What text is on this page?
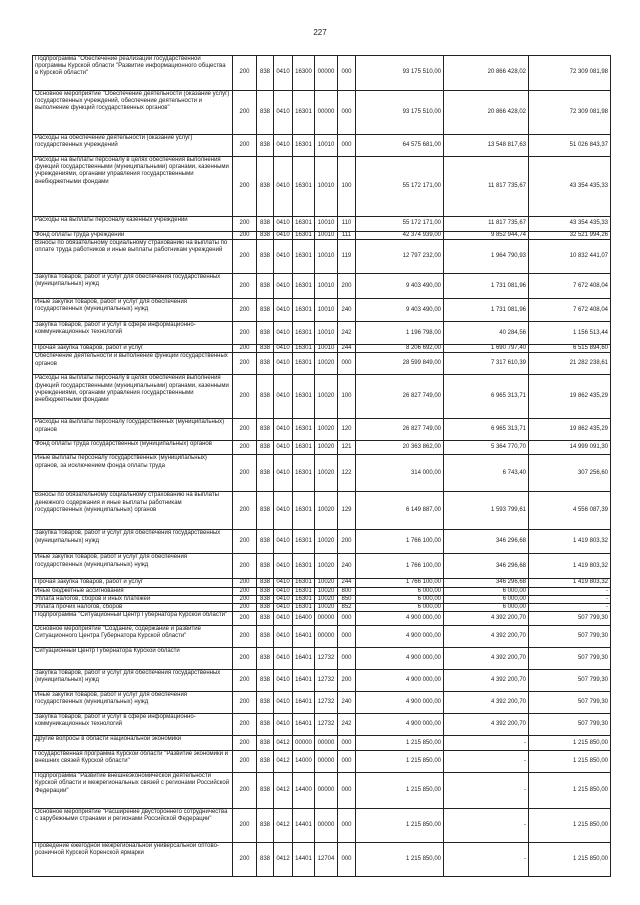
227
Подпрограмма "Обеспечение реализации государственной программы Курской области "Развитие информационного общества в Курской области"	200	838	0410	16300	00000	000	93 175 510,00	20 866 428,02	72 309 081,98
Основное мероприятие "Обеспечение деятельности (оказание услуг) государственных учреждений, обеспечение деятельности и выполнение функций государственных органов"	200	838	0410	16301	00000	000	93 175 510,00	20 866 428,02	72 309 081,98
Расходы на обеспечение деятельности (оказание услуг) государственных учреждений	200	838	0410	16301	10010	000	64 575 681,00	13 548 817,63	51 026 843,37
Расходы на выплаты персоналу в целях обеспечения выполнения функций государственными (муниципальными) органами, казенными учреждениями, органами управления государственными внебюджетными фондами	200	838	0410	16301	10010	100	55 172 171,00	11 817 735,67	43 354 435,33
Расходы на выплаты персоналу казенных учреждений	200	838	0410	16301	10010	110	55 172 171,00	11 817 735,67	43 354 435,33
Фонд оплаты труда учреждений	200	838	0410	16301	10010	111	42 374 939,00	9 852 944,74	32 521 994,26
Взносы по обязательному социальному страхованию на выплаты по оплате труда работников и иные выплаты работникам учреждений	200	838	0410	16301	10010	119	12 797 232,00	1 964 790,93	10 832 441,07
Закупка товаров, работ и услуг для обеспечения государственных (муниципальных) нужд	200	838	0410	16301	10010	200	9 403 490,00	1 731 081,96	7 672 408,04
Иные закупки товаров, работ и услуг для обеспечения государственных (муниципальных) нужд	200	838	0410	16301	10010	240	9 403 490,00	1 731 081,96	7 672 408,04
Закупка товаров, работ и услуг в сфере информационно-коммуникационных технологий	200	838	0410	16301	10010	242	1 196 798,00	40 284,56	1 156 513,44
Прочая закупка товаров, работ и услуг	200	838	0410	16301	10010	244	8 206 692,00	1 690 797,40	6 515 894,60
Обеспечение деятельности и выполнение функций государственных органов	200	838	0410	16301	10020	000	28 599 849,00	7 317 610,39	21 282 238,61
Расходы на выплаты персоналу в целях обеспечения выполнения функций государственными (муниципальными) органами, казенными учреждениями, органами управления государственными внебюджетными фондами	200	838	0410	16301	10020	100	26 827 749,00	6 965 313,71	19 862 435,29
Расходы на выплаты персоналу государственных (муниципальных) органов	200	838	0410	16301	10020	120	26 827 749,00	6 965 313,71	19 862 435,29
Фонд оплаты труда государственных (муниципальных) органов	200	838	0410	16301	10020	121	20 363 862,00	5 364 770,70	14 999 091,30
Иные выплаты персоналу государственных (муниципальных) органов, за исключением фонда оплаты труда	200	838	0410	16301	10020	122	314 000,00	6 743,40	307 256,60
Взносы по обязательному социальному страхованию на выплаты денежного содержания и иные выплаты работникам государственных (муниципальных) органов	200	838	0410	16301	10020	129	6 149 887,00	1 593 799,61	4 556 087,39
Закупка товаров, работ и услуг для обеспечения государственных (муниципальных) нужд	200	838	0410	16301	10020	200	1 766 100,00	346 296,68	1 419 803,32
Иные закупки товаров, работ и услуг для обеспечения государственных (муниципальных) нужд	200	838	0410	16301	10020	240	1 766 100,00	346 296,68	1 419 803,32
Прочая закупка товаров, работ и услуг	200	838	0410	16301	10020	244	1 766 100,00	346 296,68	1 419 803,32
Иные бюджетные ассигнования	200	838	0410	16301	10020	800	6 000,00	6 000,00	-
Уплата налогов, сборов и иных платежей	200	838	0410	16301	10020	850	6 000,00	6 000,00	-
Уплата прочих налогов, сборов	200	838	0410	16301	10020	852	6 000,00	6 000,00	-
Подпрограмма "Ситуационный Центр Губернатора Курской области"	200	838	0410	16400	00000	000	4 900 000,00	4 392 200,70	507 799,30
Основное мероприятие "Создание, содержание и развитие Ситуационного Центра Губернатора Курской области"	200	838	0410	16401	00000	000	4 900 000,00	4 392 200,70	507 799,30
Ситуационный Центр Губернатора Курской области	200	838	0410	16401	12732	000	4 900 000,00	4 392 200,70	507 799,30
Закупка товаров, работ и услуг для обеспечения государственных (муниципальных) нужд	200	838	0410	16401	12732	200	4 900 000,00	4 392 200,70	507 799,30
Иные закупки товаров, работ и услуг для обеспечения государственных (муниципальных) нужд	200	838	0410	16401	12732	240	4 900 000,00	4 392 200,70	507 799,30
Закупка товаров, работ и услуг в сфере информационно-коммуникационных технологий	200	838	0410	16401	12732	242	4 900 000,00	4 392 200,70	507 799,30
Другие вопросы в области национальной экономики	200	838	0412	00000	00000	000	1 215 850,00	-	1 215 850,00
Государственная программа Курской области "Развитие экономики и внешних связей Курской области"	200	838	0412	14000	00000	000	1 215 850,00	-	1 215 850,00
Подпрограмма "Развитие внешнеэкономической деятельности Курской области и межрегиональных связей с регионами Российской Федерации"	200	838	0412	14400	00000	000	1 215 850,00	-	1 215 850,00
Основное мероприятие "Расширение двустороннего сотрудничества с зарубежными странами и регионами Российской Федерации"	200	838	0412	14401	00000	000	1 215 850,00	-	1 215 850,00
Проведение ежегодной межрегиональной универсальной оптово-розничной Курской Коренской ярмарки	200	838	0412	14401	12704	000	1 215 850,00	-	1 215 850,00
